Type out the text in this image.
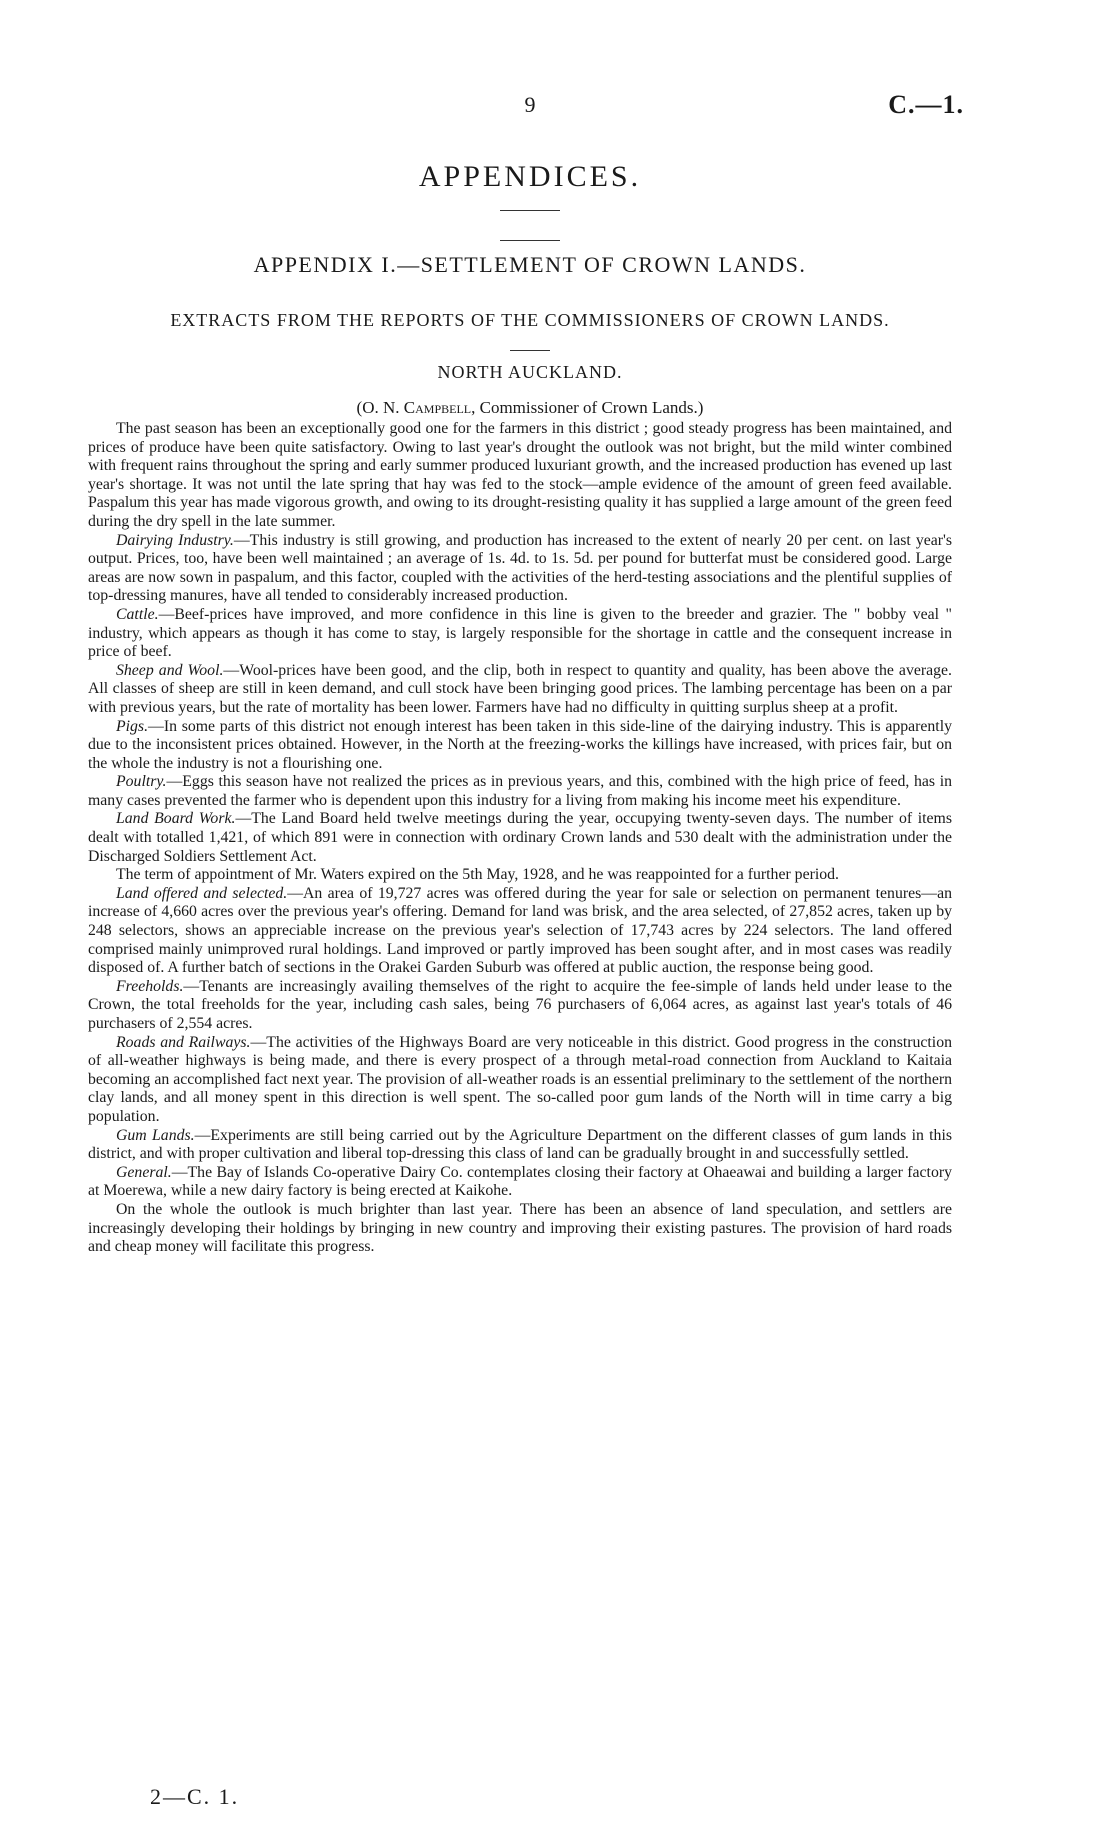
9	C.—1.
APPENDICES.
APPENDIX I.—SETTLEMENT OF CROWN LANDS.
EXTRACTS FROM THE REPORTS OF THE COMMISSIONERS OF CROWN LANDS.
NORTH AUCKLAND.
(O. N. Campbell, Commissioner of Crown Lands.)

The past season has been an exceptionally good one for the farmers in this district ; good steady progress has been maintained, and prices of produce have been quite satisfactory. Owing to last year's drought the outlook was not bright, but the mild winter combined with frequent rains throughout the spring and early summer produced luxuriant growth, and the increased production has evened up last year's shortage. It was not until the late spring that hay was fed to the stock—ample evidence of the amount of green feed available. Paspalum this year has made vigorous growth, and owing to its drought-resisting quality it has supplied a large amount of the green feed during the dry spell in the late summer.

Dairying Industry.—This industry is still growing, and production has increased to the extent of nearly 20 per cent. on last year's output. Prices, too, have been well maintained ; an average of 1s. 4d. to 1s. 5d. per pound for butterfat must be considered good. Large areas are now sown in paspalum, and this factor, coupled with the activities of the herd-testing associations and the plentiful supplies of top-dressing manures, have all tended to considerably increased production.

Cattle.—Beef-prices have improved, and more confidence in this line is given to the breeder and grazier. The " bobby veal " industry, which appears as though it has come to stay, is largely responsible for the shortage in cattle and the consequent increase in price of beef.

Sheep and Wool.—Wool-prices have been good, and the clip, both in respect to quantity and quality, has been above the average. All classes of sheep are still in keen demand, and cull stock have been bringing good prices. The lambing percentage has been on a par with previous years, but the rate of mortality has been lower. Farmers have had no difficulty in quitting surplus sheep at a profit.

Pigs.—In some parts of this district not enough interest has been taken in this side-line of the dairying industry. This is apparently due to the inconsistent prices obtained. However, in the North at the freezing-works the killings have increased, with prices fair, but on the whole the industry is not a flourishing one.

Poultry.—Eggs this season have not realized the prices as in previous years, and this, combined with the high price of feed, has in many cases prevented the farmer who is dependent upon this industry for a living from making his income meet his expenditure.

Land Board Work.—The Land Board held twelve meetings during the year, occupying twenty-seven days. The number of items dealt with totalled 1,421, of which 891 were in connection with ordinary Crown lands and 530 dealt with the administration under the Discharged Soldiers Settlement Act.

The term of appointment of Mr. Waters expired on the 5th May, 1928, and he was reappointed for a further period.

Land offered and selected.—An area of 19,727 acres was offered during the year for sale or selection on permanent tenures—an increase of 4,660 acres over the previous year's offering. Demand for land was brisk, and the area selected, of 27,852 acres, taken up by 248 selectors, shows an appreciable increase on the previous year's selection of 17,743 acres by 224 selectors. The land offered comprised mainly unimproved rural holdings. Land improved or partly improved has been sought after, and in most cases was readily disposed of. A further batch of sections in the Orakei Garden Suburb was offered at public auction, the response being good.

Freeholds.—Tenants are increasingly availing themselves of the right to acquire the fee-simple of lands held under lease to the Crown, the total freeholds for the year, including cash sales, being 76 purchasers of 6,064 acres, as against last year's totals of 46 purchasers of 2,554 acres.

Roads and Railways.—The activities of the Highways Board are very noticeable in this district. Good progress in the construction of all-weather highways is being made, and there is every prospect of a through metal-road connection from Auckland to Kaitaia becoming an accomplished fact next year. The provision of all-weather roads is an essential preliminary to the settlement of the northern clay lands, and all money spent in this direction is well spent. The so-called poor gum lands of the North will in time carry a big population.

Gum Lands.—Experiments are still being carried out by the Agriculture Department on the different classes of gum lands in this district, and with proper cultivation and liberal top-dressing this class of land can be gradually brought in and successfully settled.

General.—The Bay of Islands Co-operative Dairy Co. contemplates closing their factory at Ohaeawai and building a larger factory at Moerewa, while a new dairy factory is being erected at Kaikohe.

On the whole the outlook is much brighter than last year. There has been an absence of land speculation, and settlers are increasingly developing their holdings by bringing in new country and improving their existing pastures. The provision of hard roads and cheap money will facilitate this progress.

2—C. 1.
